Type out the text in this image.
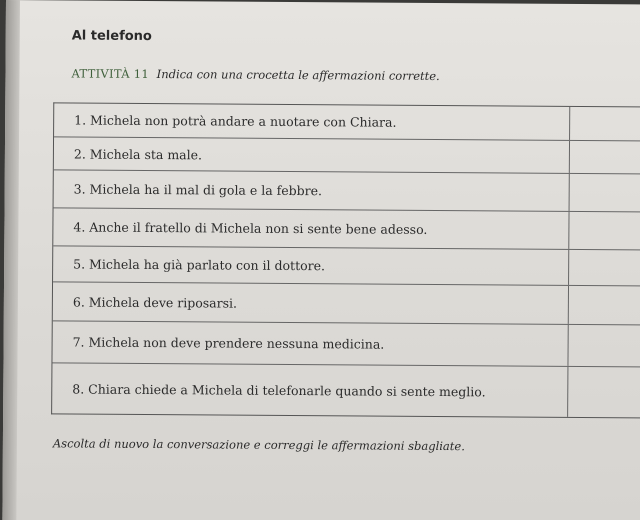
Al telefono
ATTIVITÀ 11 Indica con una crocetta le affermazioni corrette.
1. Michela non potrà andare a nuotare con Chiara.
2. Michela sta male.
3. Michela ha il mal di gola e la febbre.
4. Anche il fratello di Michela non si sente bene adesso.
5. Michela ha già parlato con il dottore.
6. Michela deve riposarsi.
7. Michela non deve prendere nessuna medicina.
8. Chiara chiede a Michela di telefonarle quando si sente meglio.
Ascolta di nuovo la conversazione e correggi le affermazioni sbagliate.
